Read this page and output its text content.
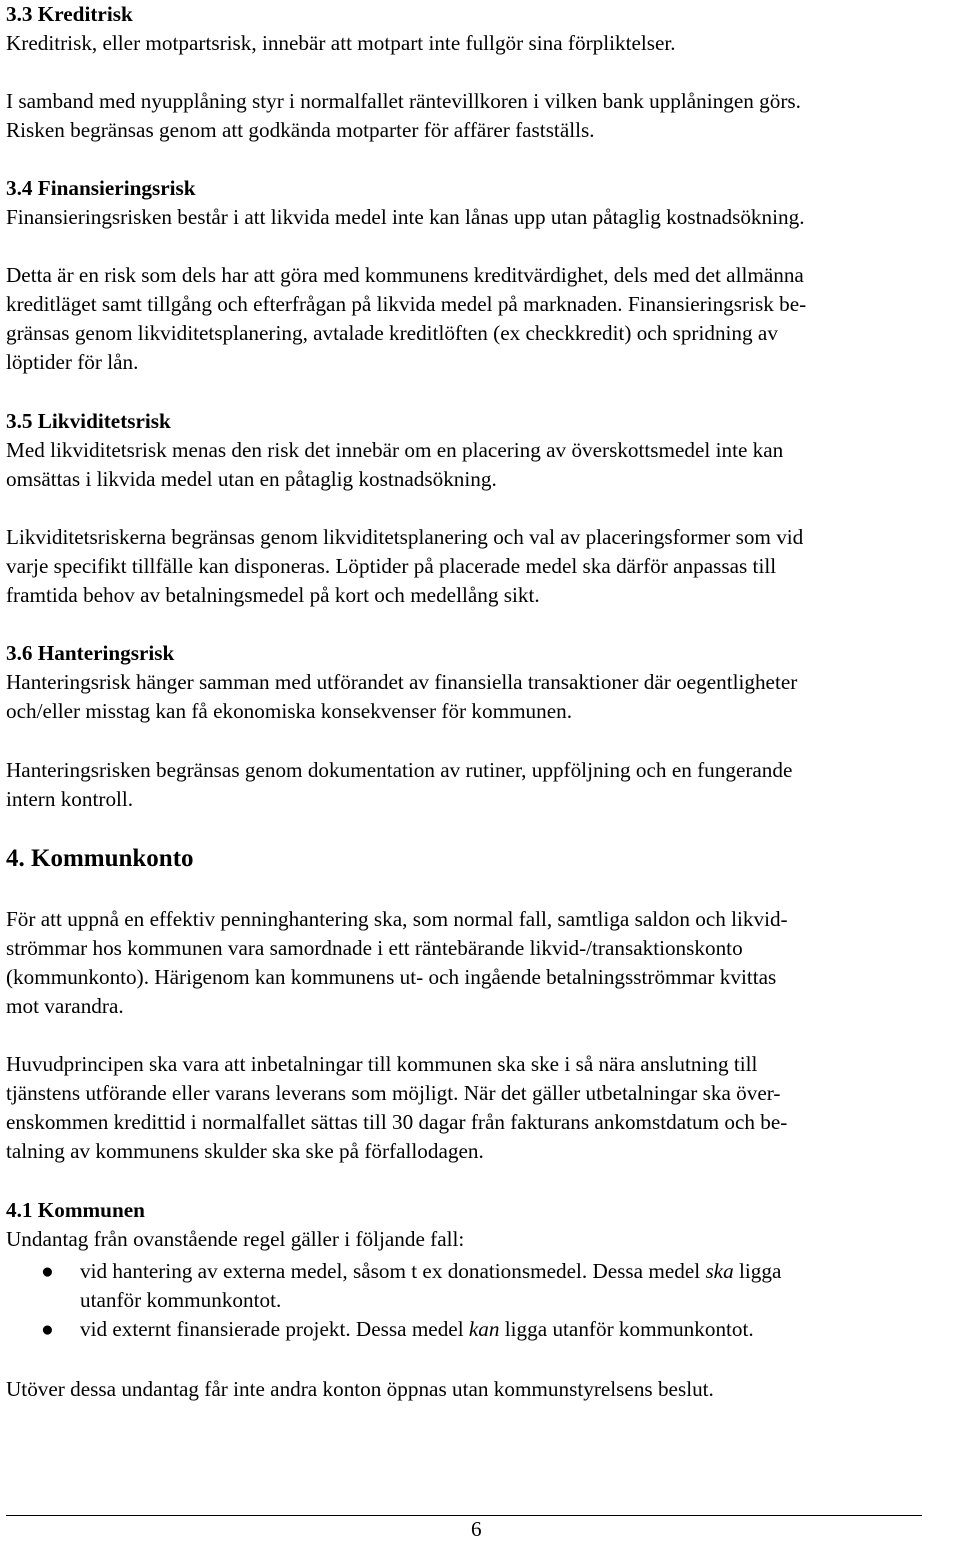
3.3 Kreditrisk
Kreditrisk, eller motpartsrisk, innebär att motpart inte fullgör sina förpliktelser.
I samband med nyupplåning styr i normalfallet räntevillkoren i vilken bank upplåningen görs.
Risken begränsas genom att godkända motparter för affärer fastställs.
3.4 Finansieringsrisk
Finansieringsrisken består i att likvida medel inte kan lånas upp utan påtaglig kostnadsökning.
Detta är en risk som dels har att göra med kommunens kreditvärdighet, dels med det allmänna
kreditläget samt tillgång och efterfrågan på likvida medel på marknaden. Finansieringsrisk be-
gränsas genom likviditetsplanering, avtalade kreditlöften (ex checkkredit) och spridning av
löptider för lån.
3.5 Likviditetsrisk
Med likviditetsrisk menas den risk det innebär om en placering av överskottsmedel inte kan
omsättas i likvida medel utan en påtaglig kostnadsökning.
Likviditetsriskerna begränsas genom likviditetsplanering och val av placeringsformer som vid
varje specifikt tillfälle kan disponeras. Löptider på placerade medel ska därför anpassas till
framtida behov av betalningsmedel på kort och medellång sikt.
3.6 Hanteringsrisk
Hanteringsrisk hänger samman med utförandet av finansiella transaktioner där oegentligheter
och/eller misstag kan få ekonomiska konsekvenser för kommunen.
Hanteringsrisken begränsas genom dokumentation av rutiner, uppföljning och en fungerande
intern kontroll.
4. Kommunkonto
För att uppnå en effektiv penninghantering ska, som normal fall, samtliga saldon och likvid-
strömmar hos kommunen vara samordnade i ett räntebärande likvid-/transaktionskonto
(kommunkonto). Härigenom kan kommunens ut- och ingående betalningsströmmar kvittas
mot varandra.
Huvudprincipen ska vara att inbetalningar till kommunen ska ske i så nära anslutning till
tjänstens utförande eller varans leverans som möjligt. När det gäller utbetalningar ska över-
enskommen kredittid i normalfallet sättas till 30 dagar från fakturans ankomstdatum och be-
talning av kommunens skulder ska ske på förfallodagen.
4.1 Kommunen
Undantag från ovanstående regel gäller i följande fall:
● vid hantering av externa medel, såsom t ex donationsmedel. Dessa medel ska ligga
utanför kommunkontot.
● vid externt finansierade projekt. Dessa medel kan ligga utanför kommunkontot.
Utöver dessa undantag får inte andra konton öppnas utan kommunstyrelsens beslut.
6
